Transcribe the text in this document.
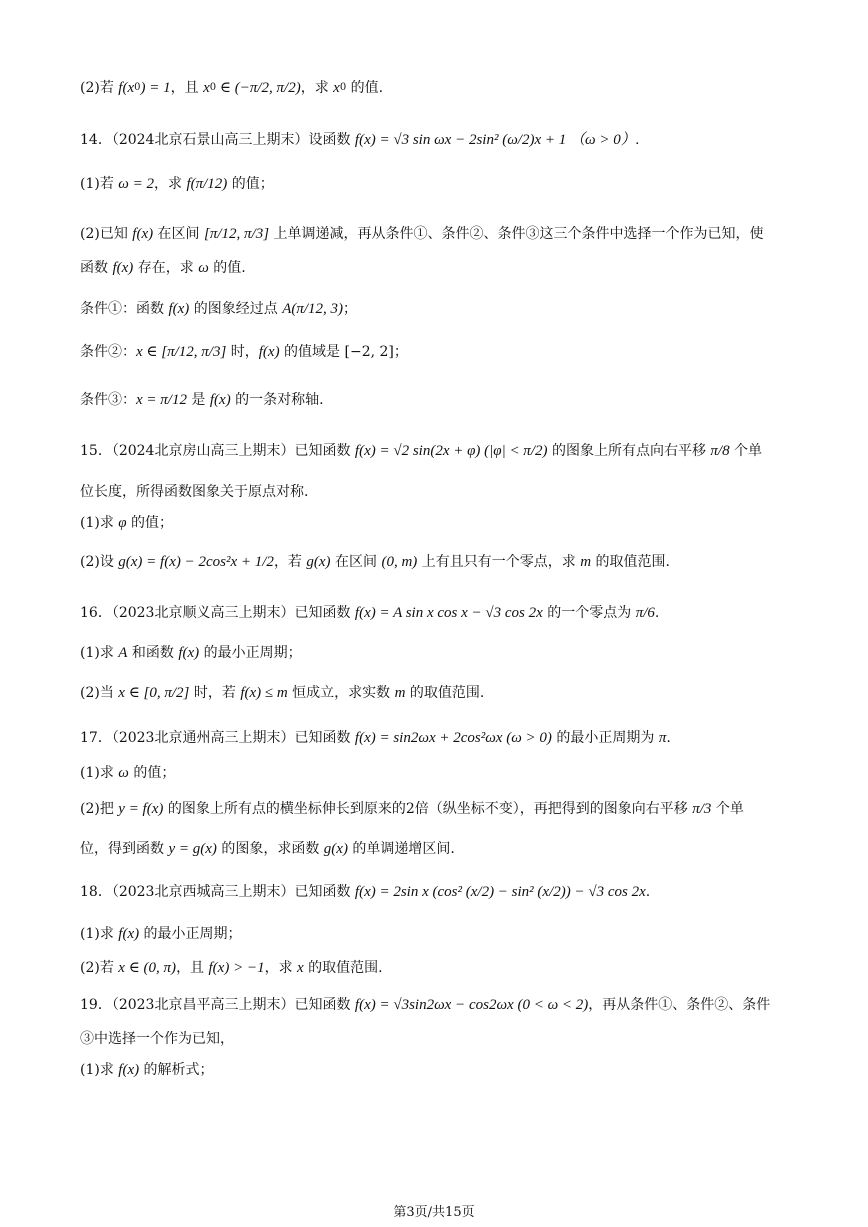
(2)若 f(x 0 ) = 1 ，且 x 0 ∈ (−π/2, π/2) ，求 x 0 的值.
14．（2024北京石景山高三上期末）设函数 f(x) = √3 sin ωx − 2sin² (ω/2)x + 1 （ω > 0）.
(1)若 ω = 2 ，求 f(π/12) 的值；
(2)已知 f(x) 在区间 [π/12, π/3] 上单调递减，再从条件①、条件②、条件③这三个条件中选择一个作为已知，使
函数 f(x) 存在，求 ω 的值.
条件①：函数 f(x) 的图象经过点 A(π/12, 3) ；
条件②： x ∈ [π/12, π/3] 时， f(x) 的值域是 [−2, 2] ；
条件③： x = π/12 是 f(x) 的一条对称轴.
15．（2024北京房山高三上期末）已知函数 f(x) = √2 sin(2x + φ) (|φ| < π/2) 的图象上所有点向右平移 π/8 个单
位长度，所得函数图象关于原点对称.
(1)求 φ 的值；
(2)设 g(x) = f(x) − 2cos²x + 1/2 ，若 g(x) 在区间 (0, m) 上有且只有一个零点，求 m 的取值范围.
16．（2023北京顺义高三上期末）已知函数 f(x) = A sin x cos x − √3 cos 2x 的一个零点为 π/6 .
(1)求 A 和函数 f(x) 的最小正周期；
(2)当 x ∈ [0, π/2] 时，若 f(x) ≤ m 恒成立，求实数 m 的取值范围.
17．（2023北京通州高三上期末）已知函数 f(x) = sin2ωx + 2cos²ωx (ω > 0) 的最小正周期为 π .
(1)求 ω 的值；
(2)把 y = f(x) 的图象上所有点的横坐标伸长到原来的2倍（纵坐标不变），再把得到的图象向右平移 π/3 个单
位，得到函数 y = g(x) 的图象，求函数 g(x) 的单调递增区间.
18．（2023北京西城高三上期末）已知函数 f(x) = 2sin x (cos² (x/2) − sin² (x/2)) − √3 cos 2x .
(1)求 f(x) 的最小正周期；
(2)若 x ∈ (0, π) ，且 f(x) > −1 ，求 x 的取值范围.
19．（2023北京昌平高三上期末）已知函数 f(x) = √3sin2ωx − cos2ωx (0 < ω < 2) ，再从条件①、条件②、条件
③中选择一个作为已知，
(1)求 f(x) 的解析式；
第3页/共15页
